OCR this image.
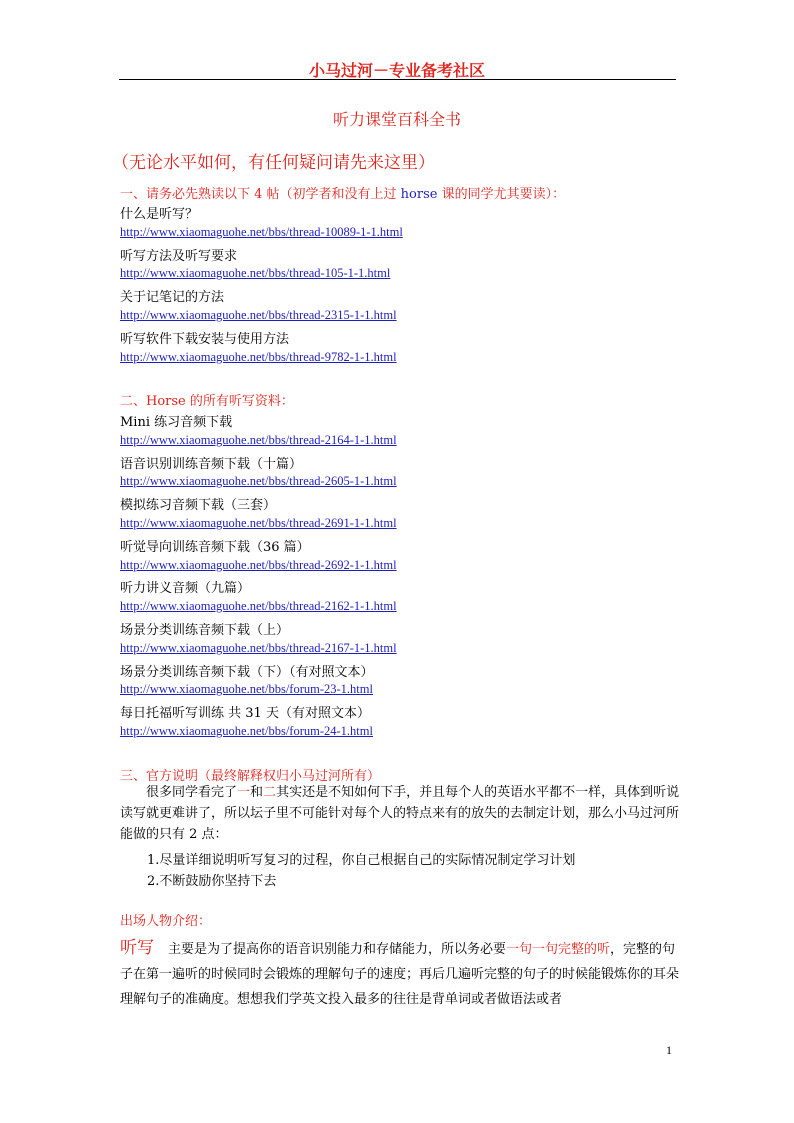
小马过河－专业备考社区
听力课堂百科全书
（无论水平如何，有任何疑问请先来这里）
一、请务必先熟读以下 4 帖（初学者和没有上过 horse 课的同学尤其要读）：
什么是听写？
http://www.xiaomaguohe.net/bbs/thread-10089-1-1.html
听写方法及听写要求
http://www.xiaomaguohe.net/bbs/thread-105-1-1.html
关于记笔记的方法
http://www.xiaomaguohe.net/bbs/thread-2315-1-1.html
听写软件下载安装与使用方法
http://www.xiaomaguohe.net/bbs/thread-9782-1-1.html
二、Horse 的所有听写资料：
Mini 练习音频下载
http://www.xiaomaguohe.net/bbs/thread-2164-1-1.html
语音识别训练音频下载（十篇）
http://www.xiaomaguohe.net/bbs/thread-2605-1-1.html
模拟练习音频下载（三套）
http://www.xiaomaguohe.net/bbs/thread-2691-1-1.html
听觉导向训练音频下载（36 篇）
http://www.xiaomaguohe.net/bbs/thread-2692-1-1.html
听力讲义音频（九篇）
http://www.xiaomaguohe.net/bbs/thread-2162-1-1.html
场景分类训练音频下载（上）
http://www.xiaomaguohe.net/bbs/thread-2167-1-1.html
场景分类训练音频下载（下）（有对照文本）
http://www.xiaomaguohe.net/bbs/forum-23-1.html
每日托福听写训练 共 31 天（有对照文本）
http://www.xiaomaguohe.net/bbs/forum-24-1.html
三、官方说明（最终解释权归小马过河所有）
很多同学看完了一和二其实还是不知如何下手，并且每个人的英语水平都不一样，具体到听说读写就更难讲了，所以坛子里不可能针对每个人的特点来有的放失的去制定计划，那么小马过河所能做的只有 2 点：
1.尽量详细说明听写复习的过程，你自己根据自己的实际情况制定学习计划
2.不断鼓励你坚持下去
出场人物介绍：
听写 主要是为了提高你的语音识别能力和存储能力，所以务必要一句一句完整的听，完整的句子在第一遍听的时候同时会锻炼的理解句子的速度；再后几遍听完整的句子的时候能锻炼你的耳朵理解句子的准确度。想想我们学英文投入最多的往往是背单词或者做语法或者
1
